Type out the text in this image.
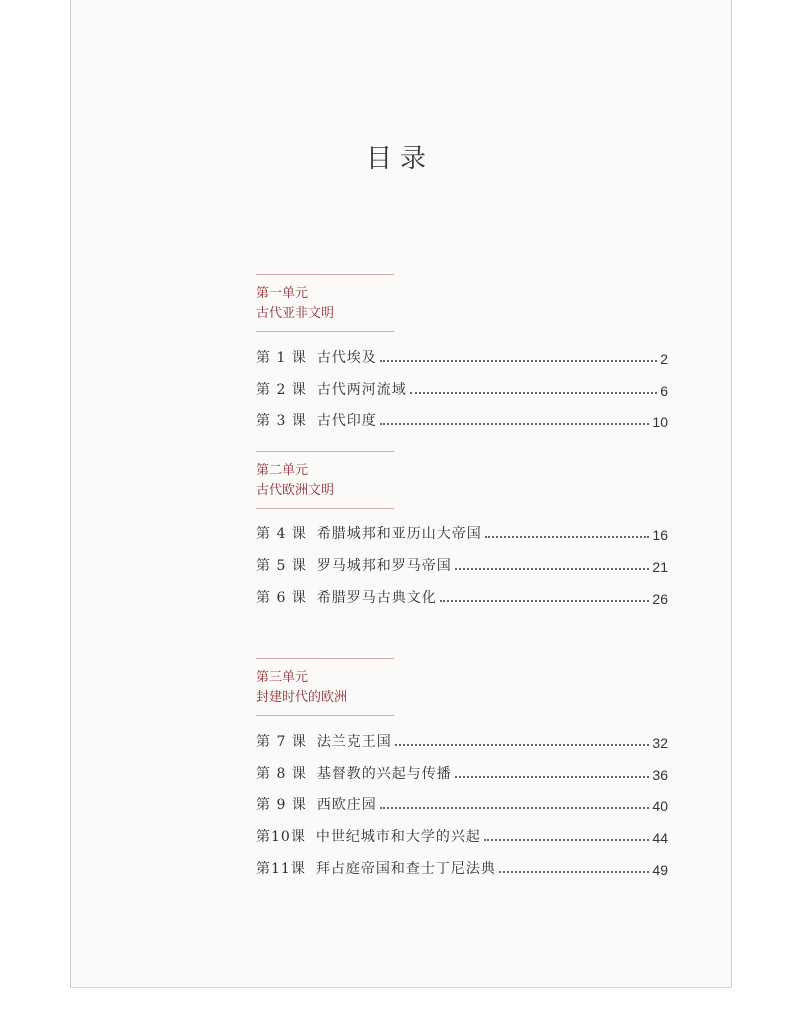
目录
第一单元
古代亚非文明
第 1 课 古代埃及	2
第 2 课 古代两河流域	6
第 3 课 古代印度	10
第二单元
古代欧洲文明
第 4 课 希腊城邦和亚历山大帝国	16
第 5 课 罗马城邦和罗马帝国	21
第 6 课 希腊罗马古典文化	26
第三单元
封建时代的欧洲
第 7 课 法兰克王国	32
第 8 课 基督教的兴起与传播	36
第 9 课 西欧庄园	40
第10课 中世纪城市和大学的兴起	44
第11课 拜占庭帝国和查士丁尼法典	49
